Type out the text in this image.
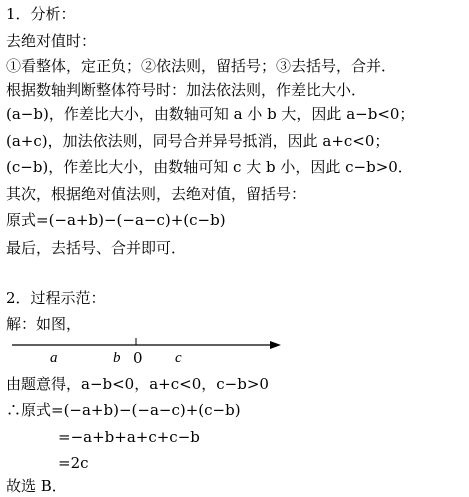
1．分析：
去绝对值时：
①看整体，定正负；②依法则，留括号；③去括号，合并．
根据数轴判断整体符号时：加法依法则，作差比大小．
(a−b)，作差比大小，由数轴可知 a 小 b 大，因此 a−b<0；
(a+c)，加法依法则，同号合并异号抵消，因此 a+c<0；
(c−b)，作差比大小，由数轴可知 c 大 b 小，因此 c−b>0．
其次，根据绝对值法则，去绝对值，留括号：
原式=(−a+b)−(−a−c)+(c−b)
最后，去括号、合并即可．
2．过程示范：
解：如图，
a	b 0 c
由题意得，a−b<0，a+c<0，c−b>0
∴原式=(−a+b)−(−a−c)+(c−b)
=−a+b+a+c+c−b
=2c
故选 B．
